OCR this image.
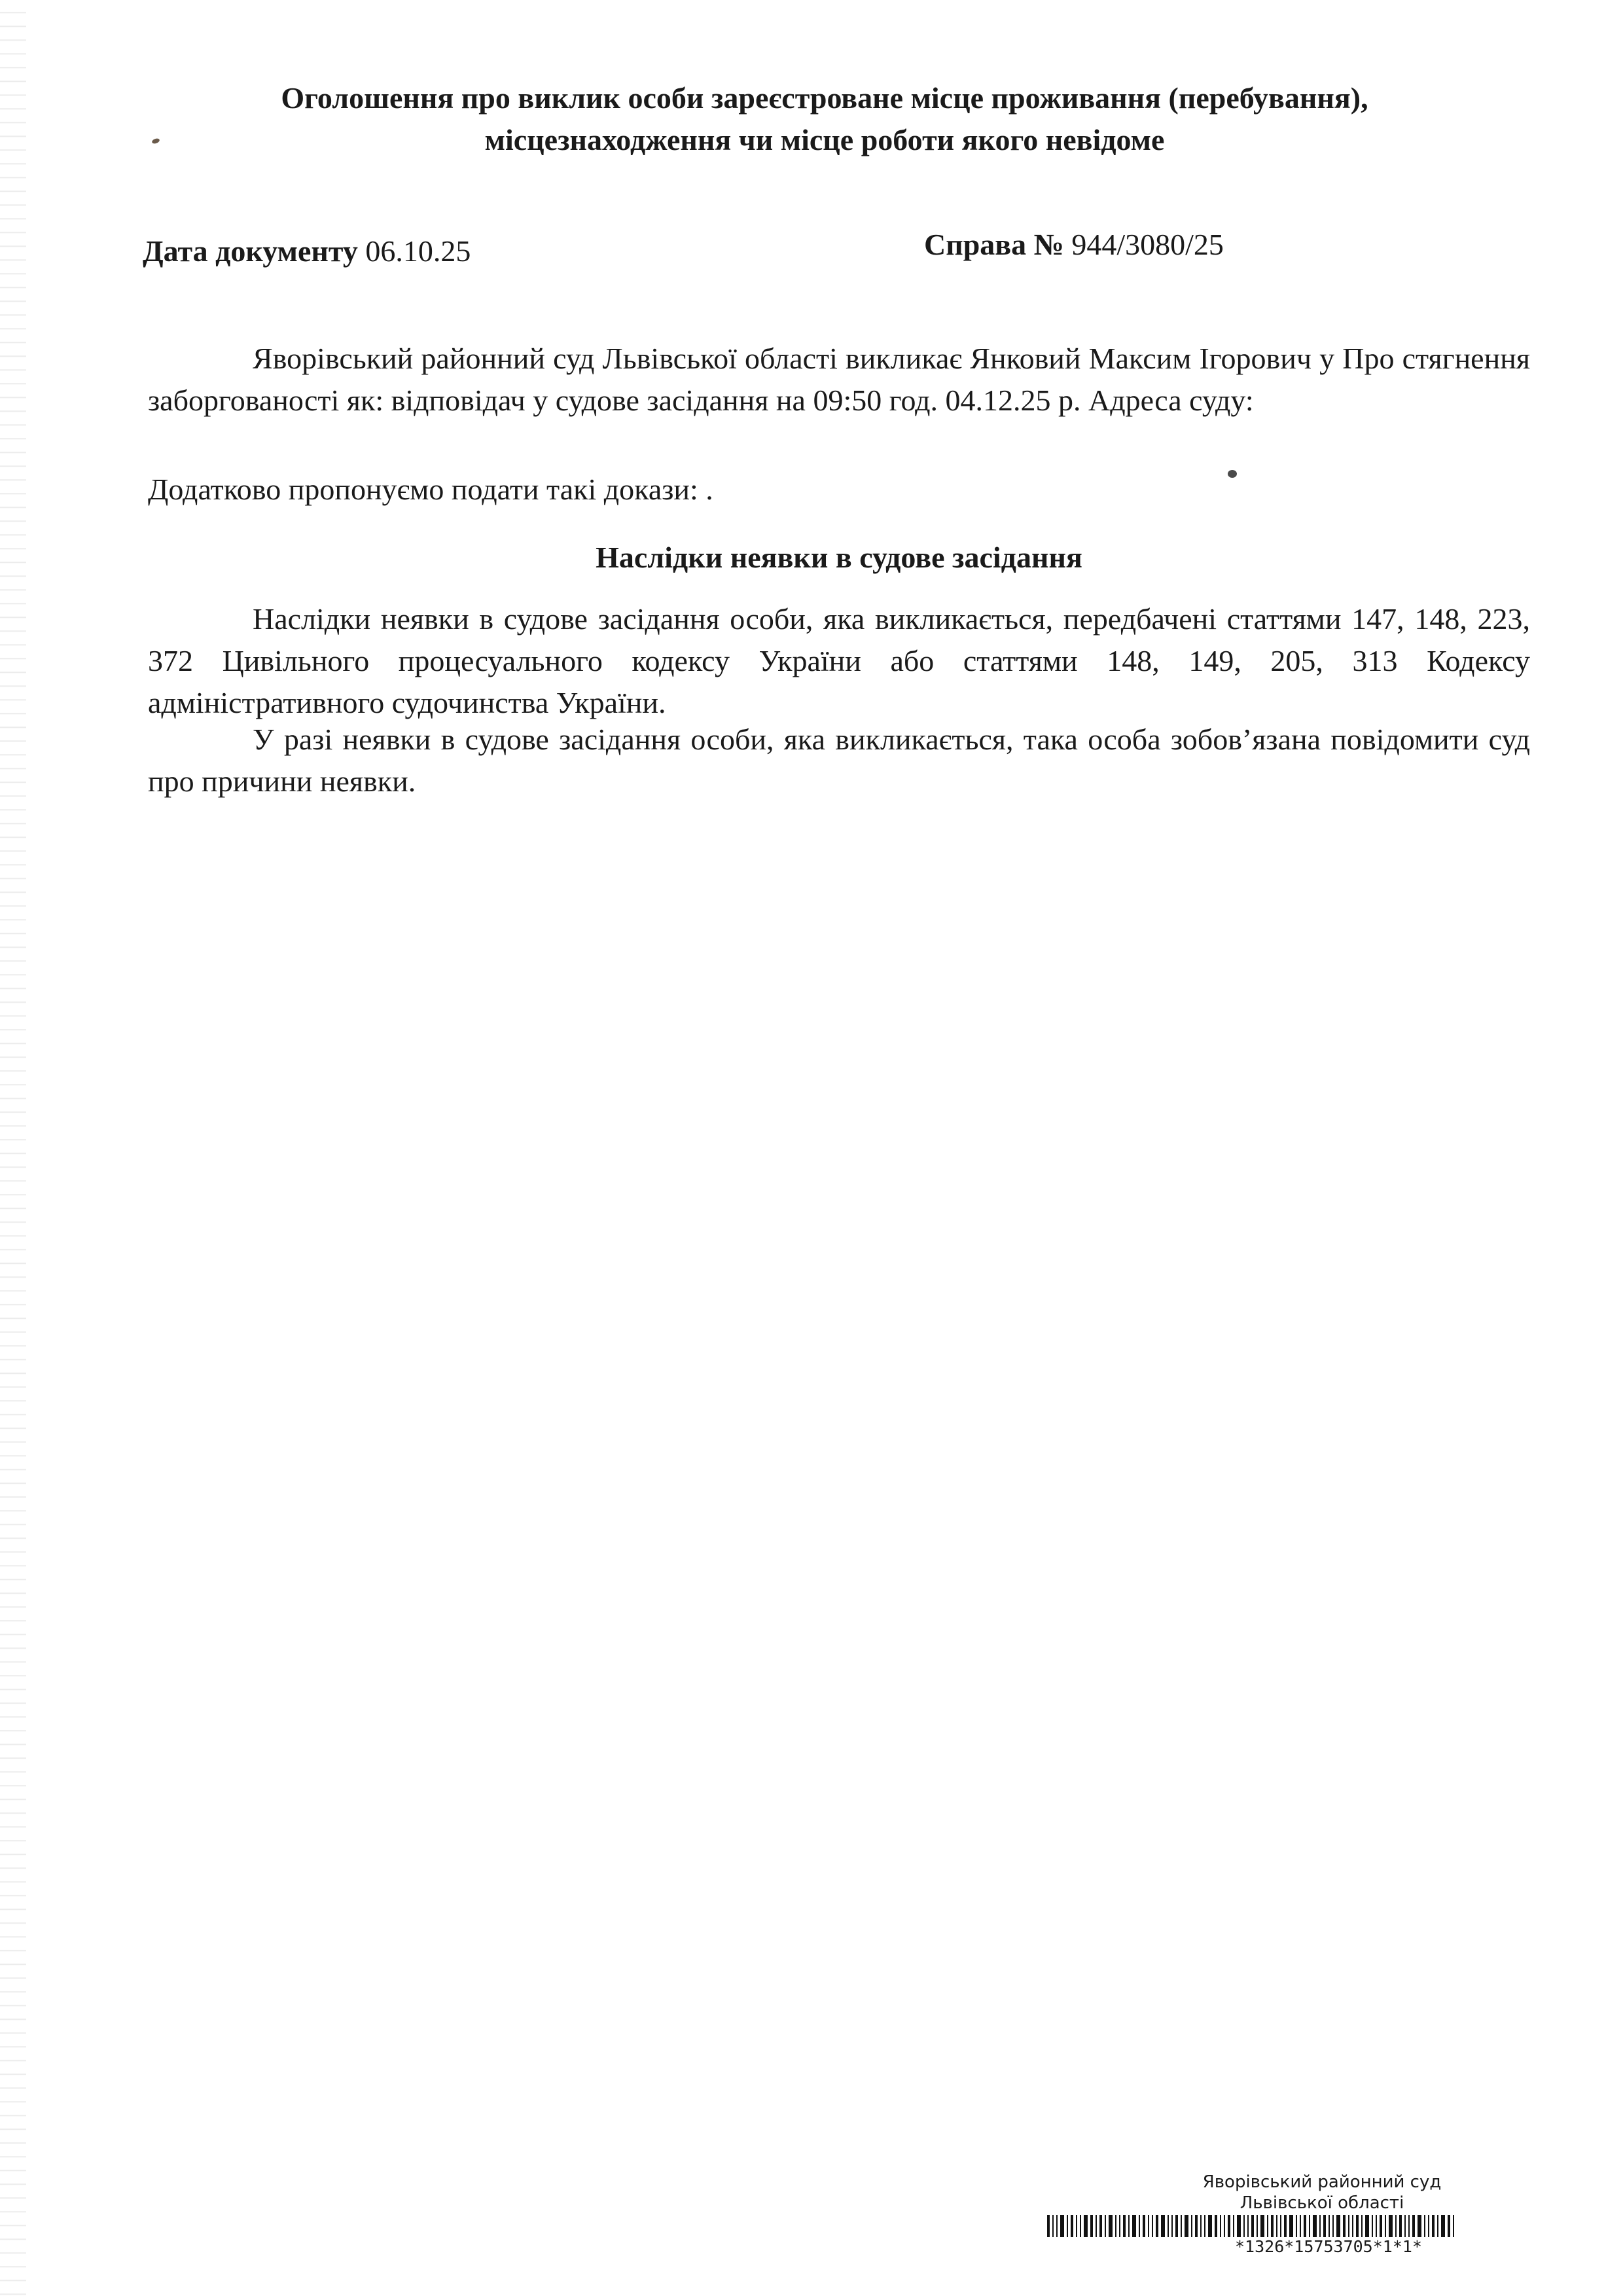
Оголошення про виклик особи зареєстроване місце проживання (перебування),
місцезнаходження чи місце роботи якого невідоме
Дата документу 06.10.25	Справа № 944/3080/25
Яворівський районний суд Львівської області викликає Янковий Максим Ігорович у Про стягнення заборгованості як: відповідач у судове засідання на 09:50 год. 04.12.25 р. Адреса суду:
Додатково пропонуємо подати такі докази: .
Наслідки неявки в судове засідання
Наслідки неявки в судове засідання особи, яка викликається, передбачені статтями 147, 148, 223, 372 Цивільного процесуального кодексу України або статтями 148, 149, 205, 313 Кодексу адміністративного судочинства України.
У разі неявки в судове засідання особи, яка викликається, така особа зобов’язана повідомити суд про причини неявки.
Яворівський районний суд
Львівської області
*1326*15753705*1*1*
